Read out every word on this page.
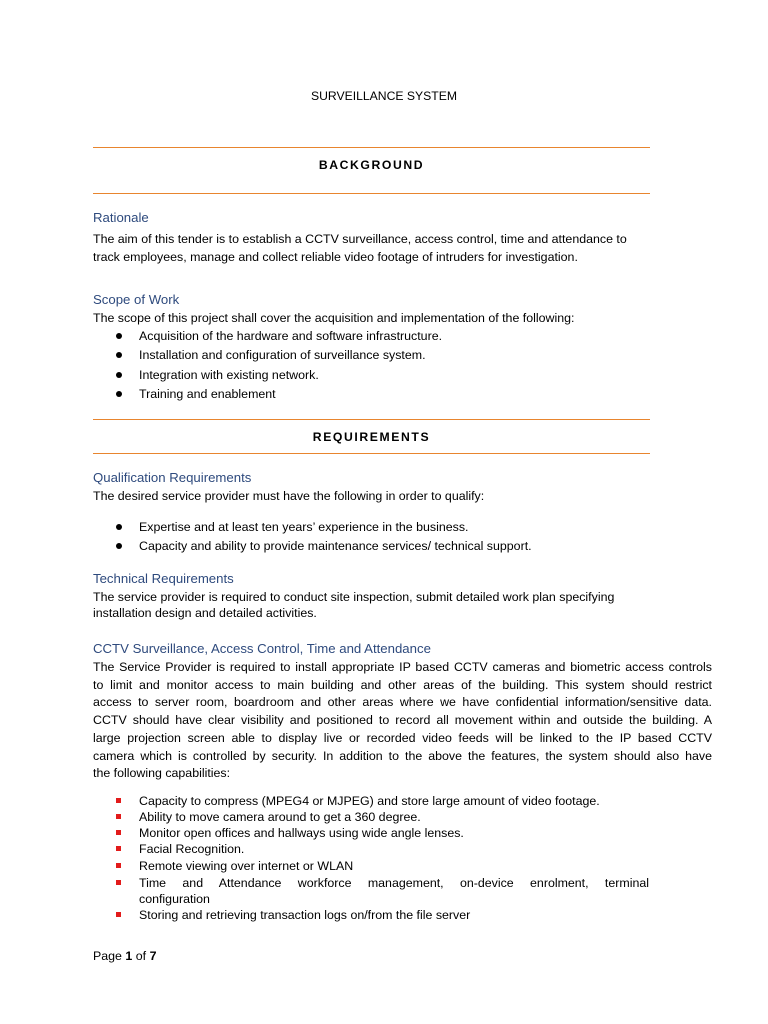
SURVEILLANCE SYSTEM
BACKGROUND
Rationale
The aim of this tender is to establish a CCTV surveillance, access control, time and attendance to
track employees, manage and collect reliable video footage of intruders for investigation.
Scope of Work
The scope of this project shall cover the acquisition and implementation of the following:
Acquisition of the hardware and software infrastructure.
Installation and configuration of surveillance system.
Integration with existing network.
Training and enablement
REQUIREMENTS
Qualification Requirements
The desired service provider must have the following in order to qualify:
Expertise and at least ten years’ experience in the business.
Capacity and ability to provide maintenance services/ technical support.
Technical Requirements
The service provider is required to conduct site inspection, submit detailed work plan specifying
installation design and detailed activities.
CCTV Surveillance, Access Control, Time and Attendance
The Service Provider is required to install appropriate IP based CCTV cameras and biometric access controls
to limit and monitor access to main building and other areas of the building. This system should restrict
access to server room, boardroom and other areas where we have confidential information/sensitive data.
CCTV should have clear visibility and positioned to record all movement within and outside the building. A
large projection screen able to display live or recorded video feeds will be linked to the IP based CCTV
camera which is controlled by security. In addition to the above the features, the system should also have
the following capabilities:
Capacity to compress (MPEG4 or MJPEG) and store large amount of video footage.
Ability to move camera around to get a 360 degree.
Monitor open offices and hallways using wide angle lenses.
Facial Recognition.
Remote viewing over internet or WLAN
Time and Attendance workforce management, on-device enrolment, terminal
configuration
Storing and retrieving transaction logs on/from the file server
Page 1 of 7
